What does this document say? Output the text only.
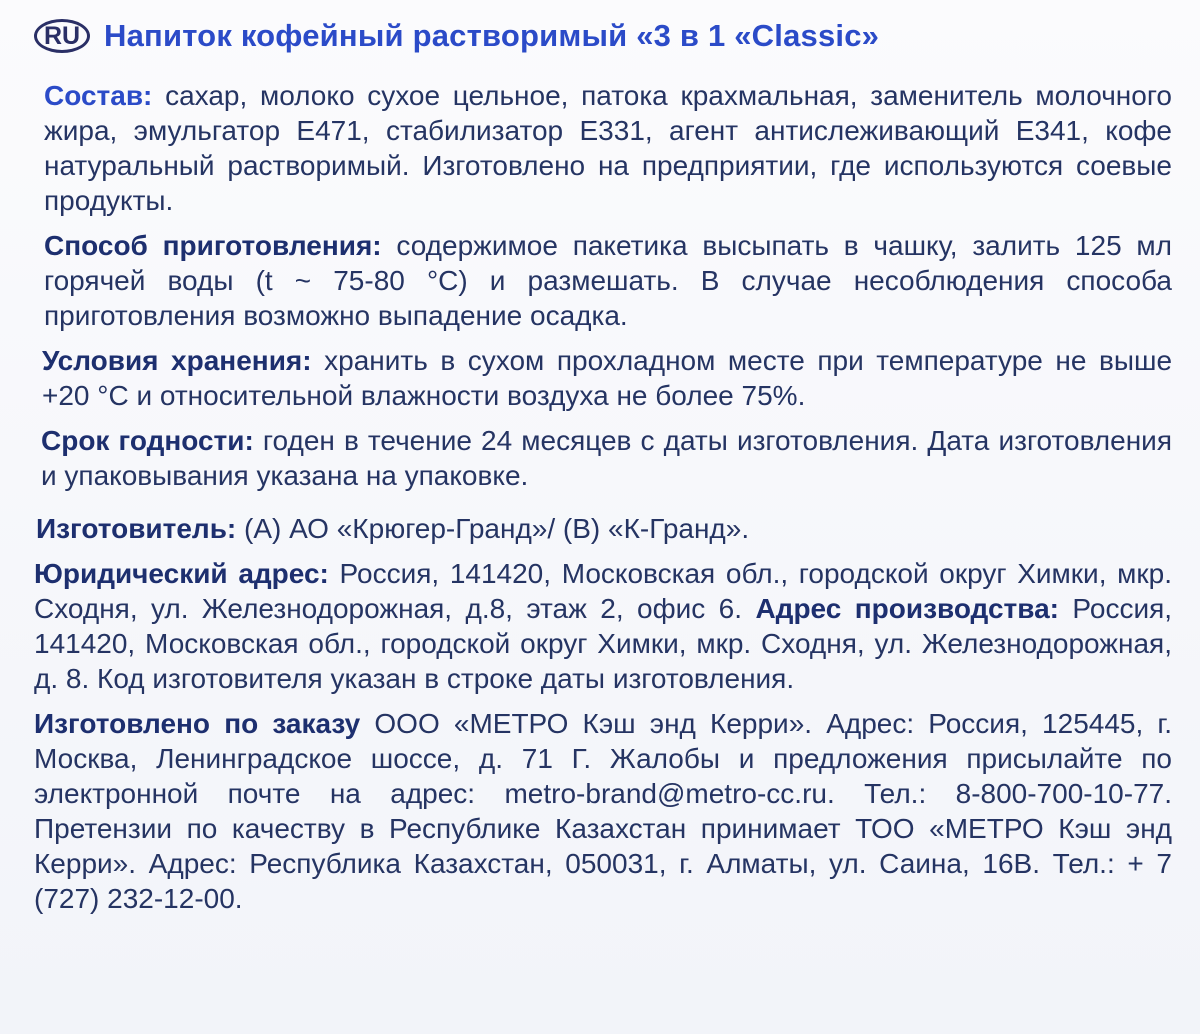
RU Напиток кофейный растворимый «3 в 1 «Classic»

Состав: сахар, молоко сухое цельное, патока крахмальная, заменитель молочного жира, эмульгатор Е471, стабилизатор Е331, агент антислеживающий Е341, кофе натуральный растворимый. Изготовлено на предприятии, где используются соевые продукты.

Способ приготовления: содержимое пакетика высыпать в чашку, залить 125 мл горячей воды (t ~ 75-80 °C) и размешать. В случае несоблюдения способа приготовления возможно выпадение осадка.

Условия хранения: хранить в сухом прохладном месте при температуре не выше +20 °C и относительной влажности воздуха не более 75%.

Срок годности: годен в течение 24 месяцев с даты изготовления. Дата изготовления и упаковывания указана на упаковке.

Изготовитель: (А) АО «Крюгер-Гранд»/ (В) «К-Гранд».

Юридический адрес: Россия, 141420, Московская обл., городской округ Химки, мкр. Сходня, ул. Железнодорожная, д.8, этаж 2, офис 6. Адрес производства: Россия, 141420, Московская обл., городской округ Химки, мкр. Сходня, ул. Железнодорожная, д. 8. Код изготовителя указан в строке даты изготовления.

Изготовлено по заказу ООО «МЕТРО Кэш энд Керри». Адрес: Россия, 125445, г. Москва, Ленинградское шоссе, д. 71 Г. Жалобы и предложения присылайте по электронной почте на адрес: metro-brand@metro-cc.ru. Тел.: 8-800-700-10-77. Претензии по качеству в Республике Казахстан принимает ТОО «МЕТРО Кэш энд Керри». Адрес: Республика Казахстан, 050031, г. Алматы, ул. Саина, 16В. Тел.: + 7 (727) 232-12-00.
